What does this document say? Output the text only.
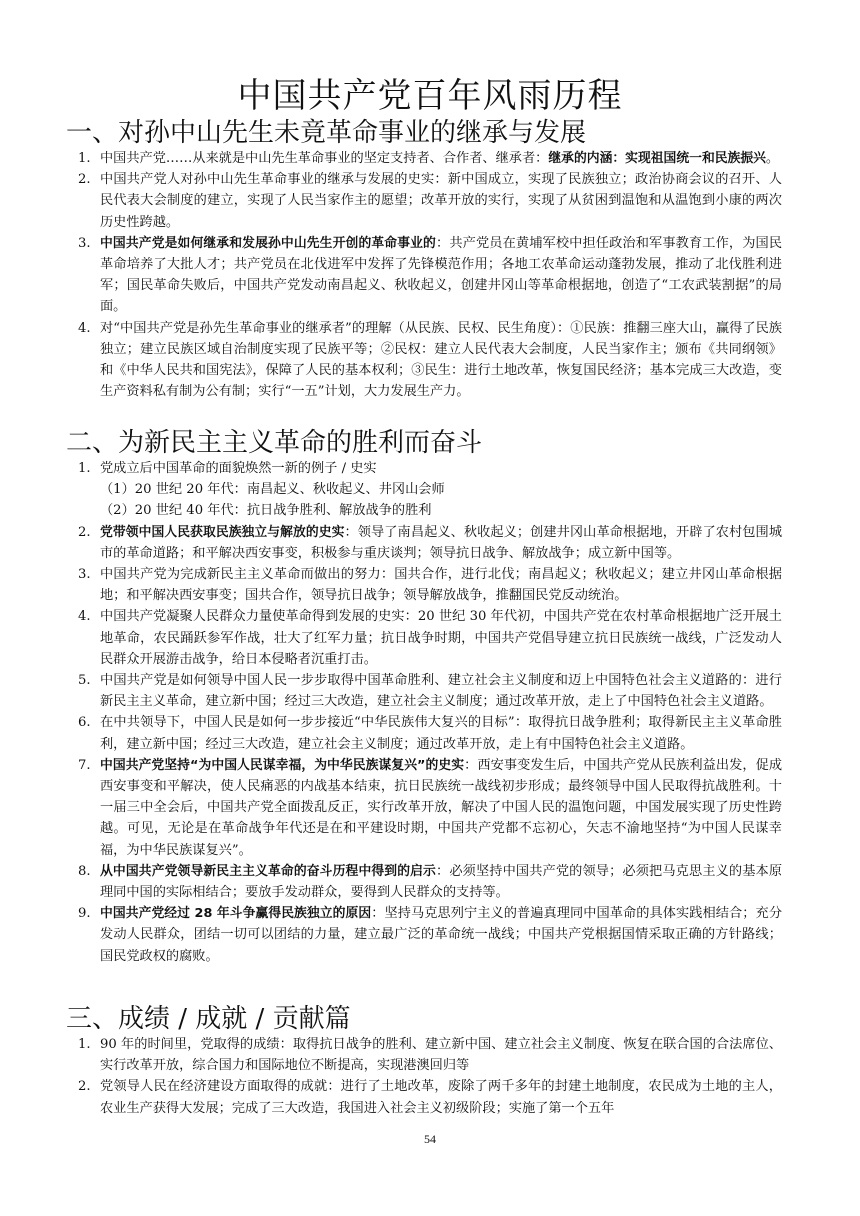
中国共产党百年风雨历程
一、对孙中山先生未竟革命事业的继承与发展
1. 中国共产党……从来就是中山先生革命事业的坚定支持者、合作者、继承者：继承的内涵：实现祖国统一和民族振兴。
2. 中国共产党人对孙中山先生革命事业的继承与发展的史实：新中国成立，实现了民族独立；政治协商会议的召开、人民代表大会制度的建立，实现了人民当家作主的愿望；改革开放的实行，实现了从贫困到温饱和从温饱到小康的两次历史性跨越。
3. 中国共产党是如何继承和发展孙中山先生开创的革命事业的：共产党员在黄埔军校中担任政治和军事教育工作，为国民革命培养了大批人才；共产党员在北伐进军中发挥了先锋模范作用；各地工农革命运动蓬勃发展，推动了北伐胜利进军；国民革命失败后，中国共产党发动南昌起义、秋收起义，创建井冈山等革命根据地，创造了“工农武装割据”的局面。
4. 对“中国共产党是孙先生革命事业的继承者”的理解（从民族、民权、民生角度）：①民族：推翻三座大山，赢得了民族独立；建立民族区域自治制度实现了民族平等；②民权：建立人民代表大会制度，人民当家作主；颁布《共同纲领》和《中华人民共和国宪法》，保障了人民的基本权利；③民生：进行土地改革，恢复国民经济；基本完成三大改造，变生产资料私有制为公有制；实行“一五”计划，大力发展生产力。
二、为新民主主义革命的胜利而奋斗
1. 党成立后中国革命的面貌焕然一新的例子 / 史实
（1）20 世纪 20 年代：南昌起义、秋收起义、井冈山会师
（2）20 世纪 40 年代：抗日战争胜利、解放战争的胜利
2. 党带领中国人民获取民族独立与解放的史实：领导了南昌起义、秋收起义；创建井冈山革命根据地，开辟了农村包围城市的革命道路；和平解决西安事变，积极参与重庆谈判；领导抗日战争、解放战争；成立新中国等。
3. 中国共产党为完成新民主主义革命而做出的努力：国共合作，进行北伐；南昌起义；秋收起义；建立井冈山革命根据地；和平解决西安事变；国共合作，领导抗日战争；领导解放战争，推翻国民党反动统治。
4. 中国共产党凝聚人民群众力量使革命得到发展的史实：20 世纪 30 年代初，中国共产党在农村革命根据地广泛开展土地革命，农民踊跃参军作战，壮大了红军力量；抗日战争时期，中国共产党倡导建立抗日民族统一战线，广泛发动人民群众开展游击战争，给日本侵略者沉重打击。
5. 中国共产党是如何领导中国人民一步步取得中国革命胜利、建立社会主义制度和迈上中国特色社会主义道路的：进行新民主主义革命，建立新中国；经过三大改造，建立社会主义制度；通过改革开放，走上了中国特色社会主义道路。
6. 在中共领导下，中国人民是如何一步步接近“中华民族伟大复兴的目标”：取得抗日战争胜利；取得新民主主义革命胜利，建立新中国；经过三大改造，建立社会主义制度；通过改革开放，走上有中国特色社会主义道路。
7. 中国共产党坚持“为中国人民谋幸福，为中华民族谋复兴”的史实：西安事变发生后，中国共产党从民族利益出发，促成西安事变和平解决，使人民痛恶的内战基本结束，抗日民族统一战线初步形成；最终领导中国人民取得抗战胜利。十一届三中全会后，中国共产党全面拨乱反正，实行改革开放，解决了中国人民的温饱问题，中国发展实现了历史性跨越。可见，无论是在革命战争年代还是在和平建设时期，中国共产党都不忘初心，矢志不渝地坚持“为中国人民谋幸福，为中华民族谋复兴”。
8. 从中国共产党领导新民主主义革命的奋斗历程中得到的启示：必须坚持中国共产党的领导；必须把马克思主义的基本原理同中国的实际相结合；要放手发动群众，要得到人民群众的支持等。
9. 中国共产党经过 28 年斗争赢得民族独立的原因：坚持马克思列宁主义的普遍真理同中国革命的具体实践相结合；充分发动人民群众，团结一切可以团结的力量，建立最广泛的革命统一战线；中国共产党根据国情采取正确的方针路线；国民党政权的腐败。
三、成绩 / 成就 / 贡献篇
1. 90 年的时间里，党取得的成绩：取得抗日战争的胜利、建立新中国、建立社会主义制度、恢复在联合国的合法席位、实行改革开放，综合国力和国际地位不断提高，实现港澳回归等
2. 党领导人民在经济建设方面取得的成就：进行了土地改革，废除了两千多年的封建土地制度，农民成为土地的主人，农业生产获得大发展；完成了三大改造，我国进入社会主义初级阶段；实施了第一个五年
54
